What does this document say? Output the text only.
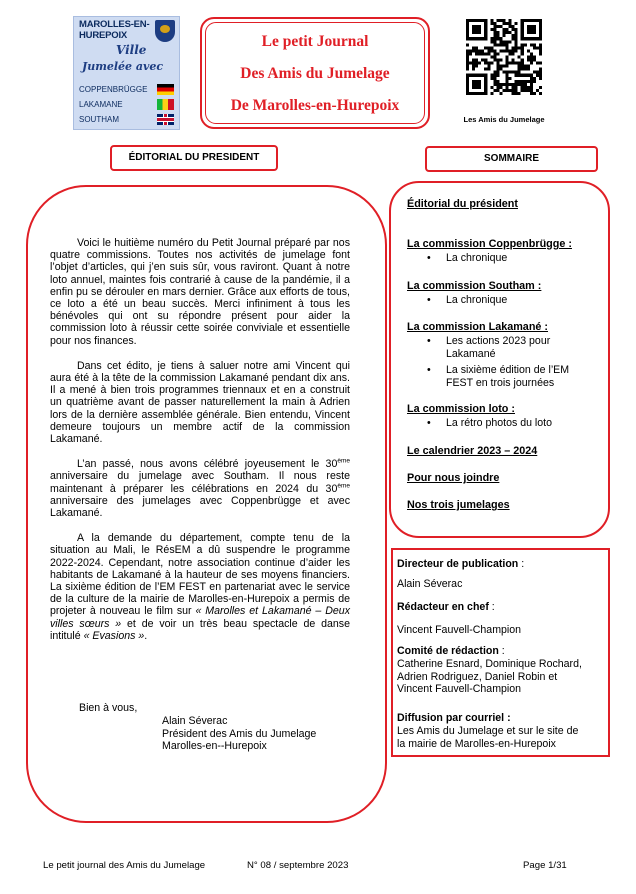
MAROLLES-EN-
HUREPOIX
Ville
Jumelée avec
COPPENBRÜGGE
LAKAMANE
SOUTHAM
Le petit Journal
Des Amis du Jumelage
De Marolles-en-Hurepoix
Les Amis du Jumelage
ÉDITORIAL DU PRESIDENT	SOMMAIRE

Voici le huitième numéro du Petit Journal préparé par nos quatre commissions. Toutes nos activités de jumelage font l’objet d’articles, qui j’en suis sûr, vous raviront. Quant à notre loto annuel, maintes fois contrarié à cause de la pandémie, il a enfin pu se dérouler en mars dernier. Grâce aux efforts de tous, ce loto a été un beau succès. Merci infiniment à tous les bénévoles qui ont su répondre présent pour aider la commission loto à réussir cette soirée conviviale et essentielle pour nos finances.

Dans cet édito, je tiens à saluer notre ami Vincent qui aura été à la tête de la commission Lakamané pendant dix ans. Il a mené à bien trois programmes triennaux et en a construit un quatrième avant de passer naturellement la main à Adrien lors de la dernière assemblée générale. Bien entendu, Vincent demeure toujours un membre actif de la commission Lakamané.

L’an passé, nous avons célébré joyeusement le 30ème anniversaire du jumelage avec Southam. Il nous reste maintenant à préparer les célébrations en 2024 du 30ème anniversaire des jumelages avec Coppenbrügge et avec Lakamané.

A la demande du département, compte tenu de la situation au Mali, le RésEM a dû suspendre le programme 2022-2024. Cependant, notre association continue d’aider les habitants de Lakamané à la hauteur de ses moyens financiers. La sixième édition de l’EM FEST en partenariat avec le service de la culture de la mairie de Marolles-en-Hurepoix a permis de projeter à nouveau le film sur « Marolles et Lakamané – Deux villes sœurs » et de voir un très beau spectacle de danse intitulé « Evasions ».

Bien à vous,
Alain Séverac
Président des Amis du Jumelage
Marolles-en--Hurepoix
Éditorial du président
La commission Coppenbrügge :
• La chronique
La commission Southam :
• La chronique
La commission Lakamané :
• Les actions 2023 pour
Lakamané
• La sixième édition de l’EM
FEST en trois journées
La commission loto :
• La rétro photos du loto
Le calendrier 2023 – 2024
Pour nous joindre
Nos trois jumelages
Directeur de publication :
Alain Séverac
Rédacteur en chef :
Vincent Fauvell-Champion
Comité de rédaction :
Catherine Esnard, Dominique Rochard,
Adrien Rodriguez, Daniel Robin et
Vincent Fauvell-Champion
Diffusion par courriel :
Les Amis du Jumelage et sur le site de
la mairie de Marolles-en-Hurepoix
Le petit journal des Amis du Jumelage	N° 08 / septembre 2023	Page 1/31
